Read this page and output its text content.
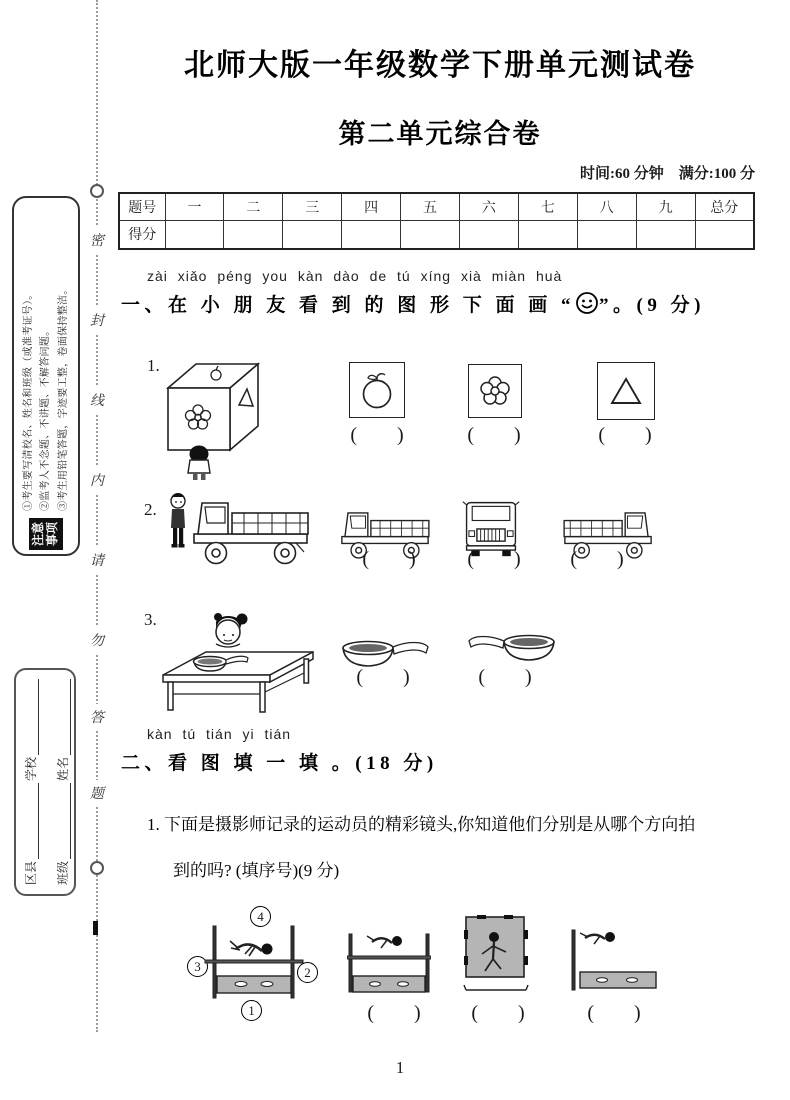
密
封
线
内
请
勿
答
题
注意事项
①考生要写清校名、姓名和班级（或准考证号）。 ②监考人不念题、不讲题、不解答问题。 ③考生用铅笔答题，字迹要工整，卷面保持整洁。
区县
学校
班级
姓名
北师大版一年级数学下册单元测试卷
第二单元综合卷
时间:60 分钟　满分:100 分
题号	一	二	三	四	五	六	七	八	九	总分
得分										
zài xiǎo péng you kàn dào de tú xíng xià miàn huà
一、在 小 朋 友 看 到 的 图 形 下 面 画 “ ”。(9 分)
1.
(        )	(        )	(        )
2.
(        )	(        )	(        )
3.
(        )	(        )
kàn tú tián yi tián
二、看 图 填 一 填 。(18 分)
1. 下面是摄影师记录的运动员的精彩镜头,你知道他们分别是从哪个方向拍
到的吗? (填序号)(9 分)
4
3	2
1	(        )	(        )	(        )
1
